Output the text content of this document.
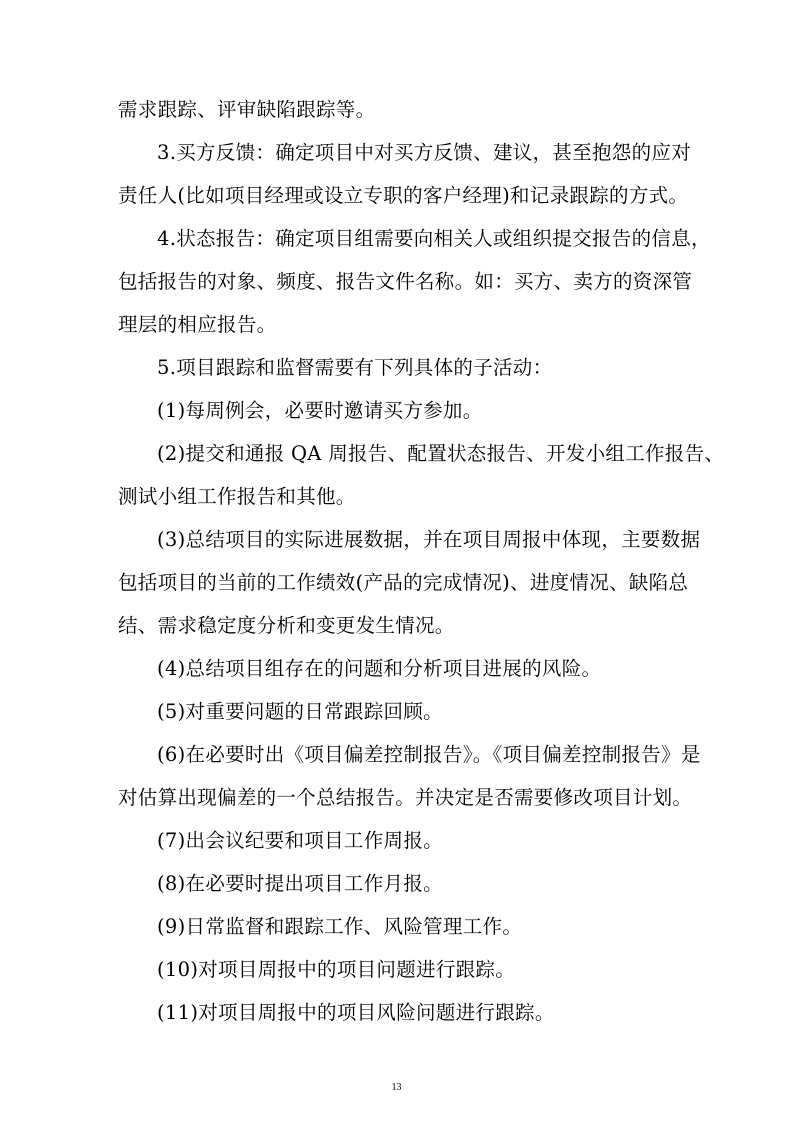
需求跟踪、评审缺陷跟踪等。
3.买方反馈：确定项目中对买方反馈、建议，甚至抱怨的应对
责任人(比如项目经理或设立专职的客户经理)和记录跟踪的方式。
4.状态报告：确定项目组需要向相关人或组织提交报告的信息，
包括报告的对象、频度、报告文件名称。如：买方、卖方的资深管
理层的相应报告。
5.项目跟踪和监督需要有下列具体的子活动：
(1)每周例会，必要时邀请买方参加。
(2)提交和通报 QA 周报告、配置状态报告、开发小组工作报告、
测试小组工作报告和其他。
(3)总结项目的实际进展数据，并在项目周报中体现，主要数据
包括项目的当前的工作绩效(产品的完成情况)、进度情况、缺陷总
结、需求稳定度分析和变更发生情况。
(4)总结项目组存在的问题和分析项目进展的风险。
(5)对重要问题的日常跟踪回顾。
(6)在必要时出《项目偏差控制报告》。《项目偏差控制报告》是
对估算出现偏差的一个总结报告。并决定是否需要修改项目计划。
(7)出会议纪要和项目工作周报。
(8)在必要时提出项目工作月报。
(9)日常监督和跟踪工作、风险管理工作。
(10)对项目周报中的项目问题进行跟踪。
(11)对项目周报中的项目风险问题进行跟踪。
13
